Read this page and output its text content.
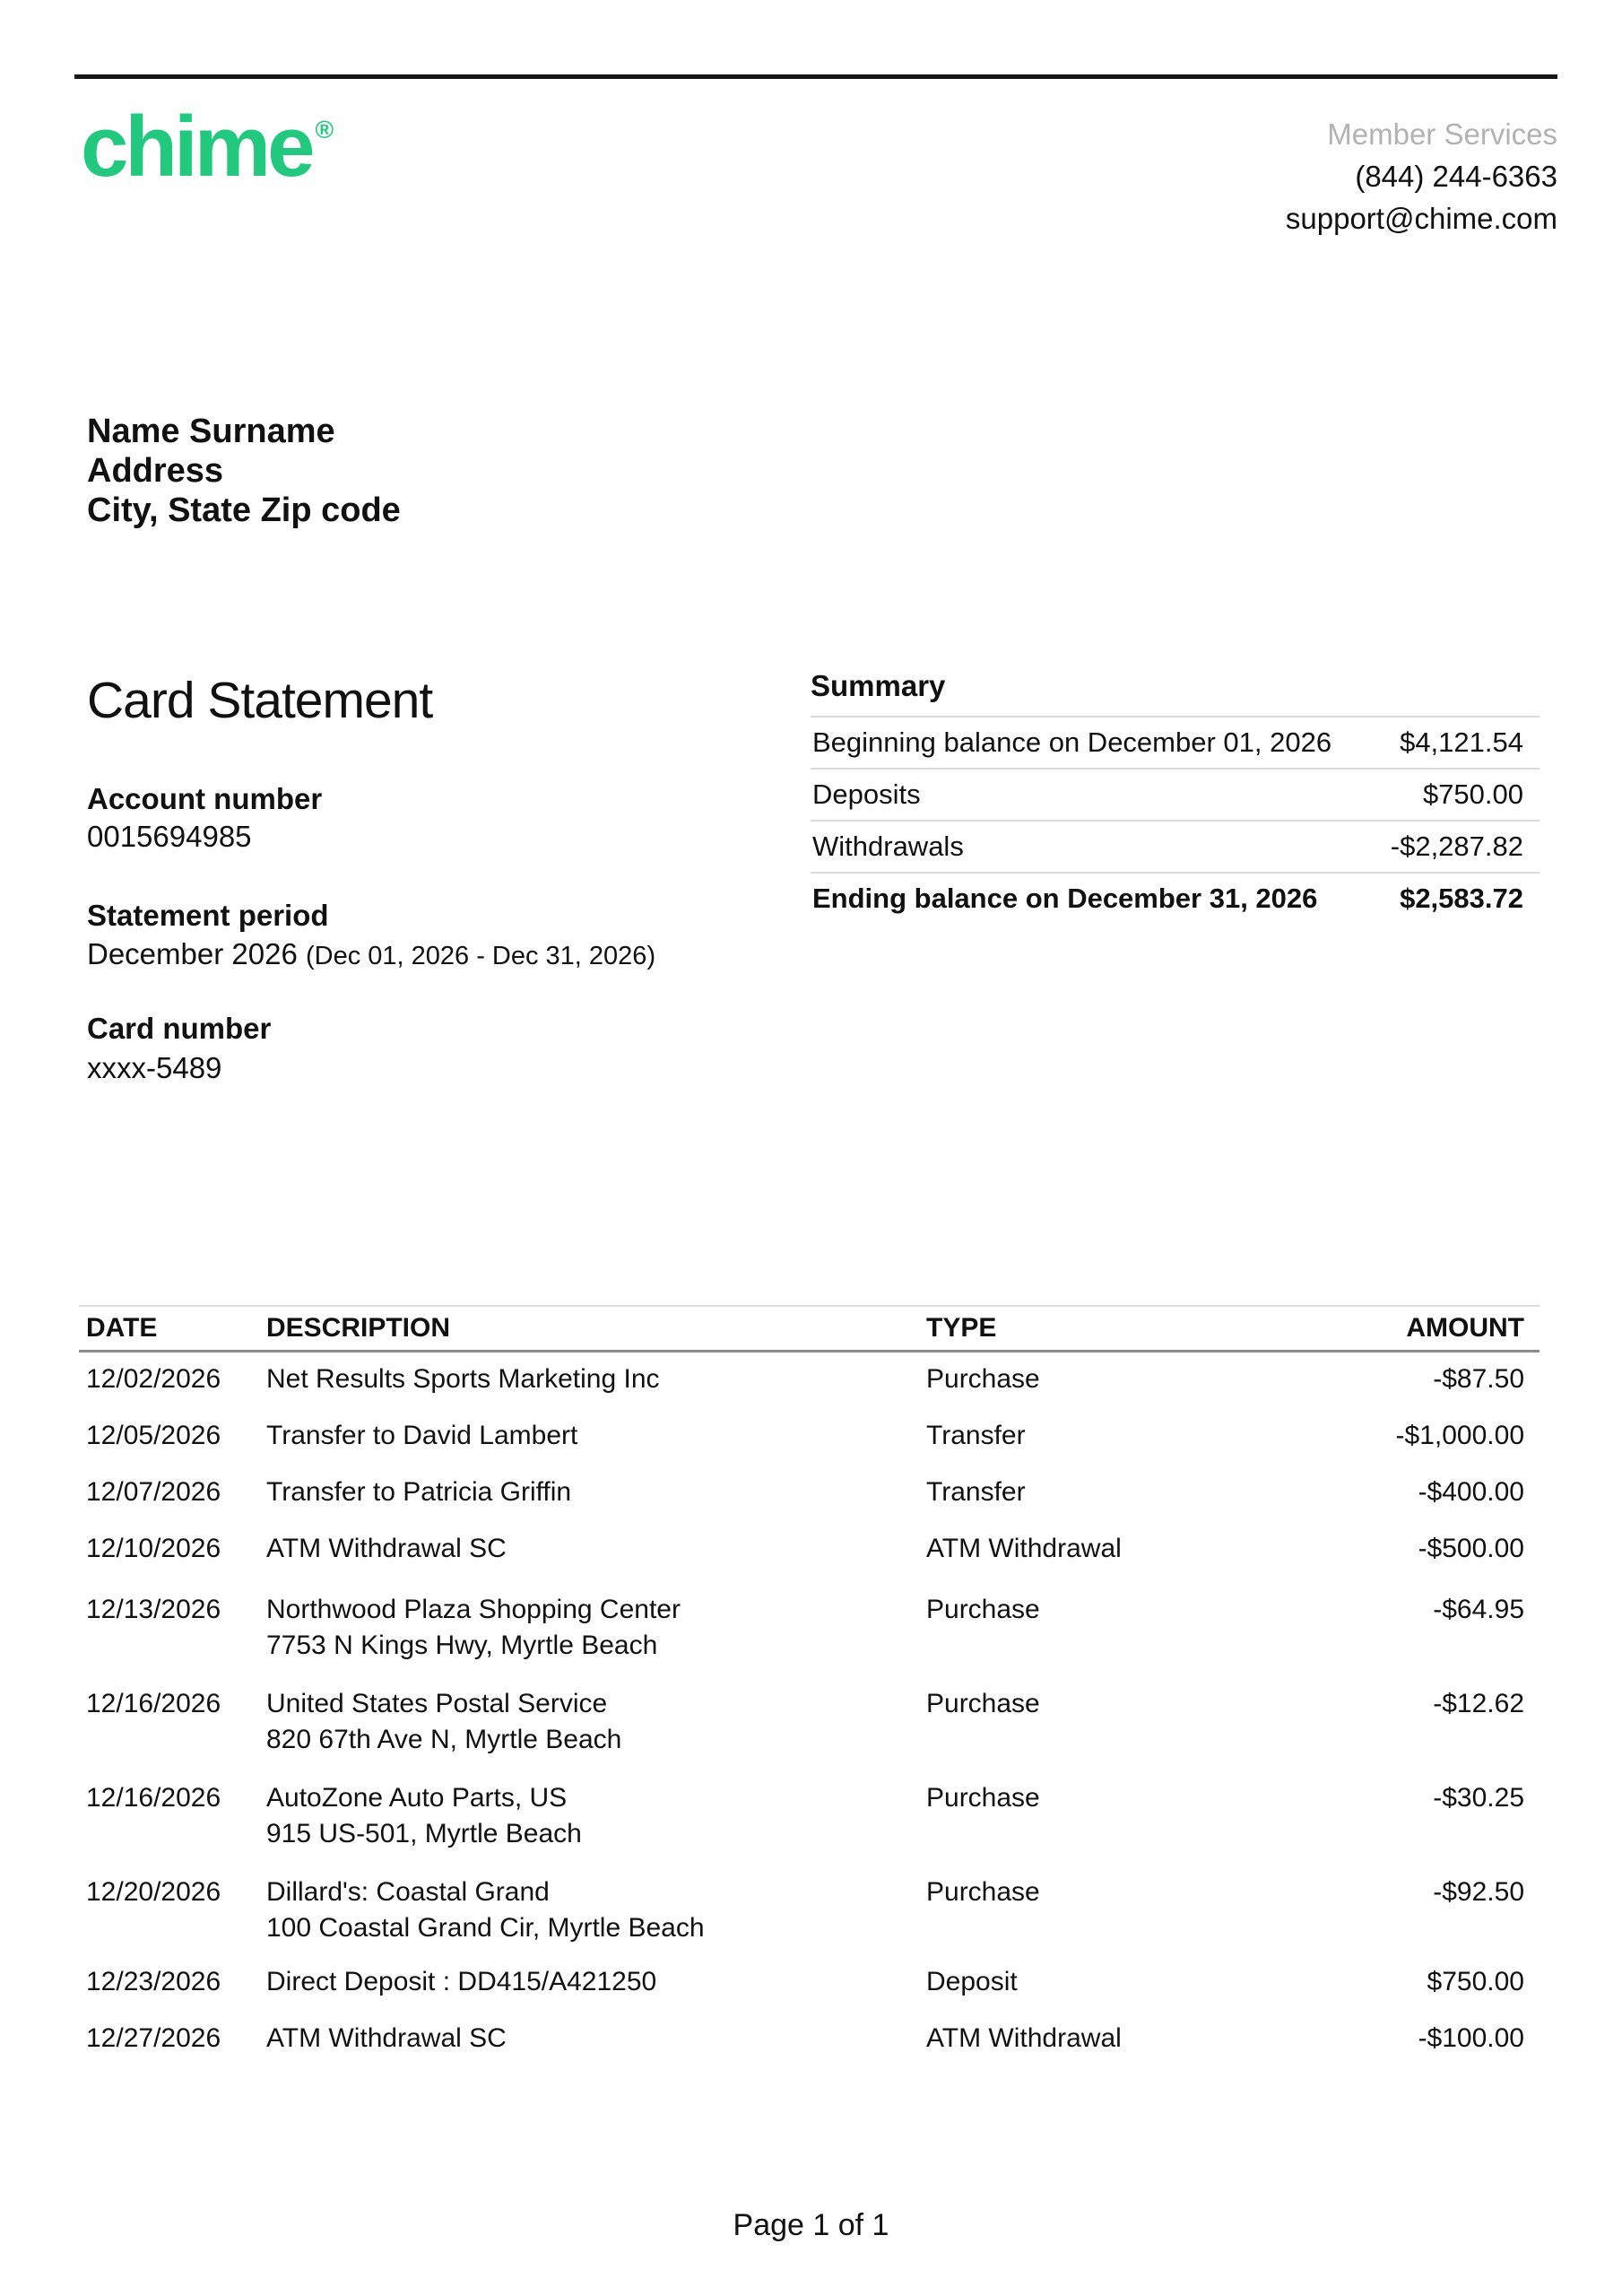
chime ®	Member Services
(844) 244-6363
support@chime.com
Name Surname
Address
City, State Zip code
Card Statement
Account number
0015694985
Statement period
December 2026 (Dec 01, 2026 - Dec 31, 2026)
Card number
xxxx-5489
Summary
Beginning balance on December 01, 2026 $4,121.54
Deposits	$750.00
Withdrawals	-$2,287.82
Ending balance on December 31, 2026	$2,583.72
DATE	DESCRIPTION	TYPE	AMOUNT
12/02/2026	Net Results Sports Marketing Inc	Purchase	-$87.50
12/05/2026	Transfer to David Lambert	Transfer	-$1,000.00
12/07/2026	Transfer to Patricia Griffin	Transfer	-$400.00
12/10/2026	ATM Withdrawal SC	ATM Withdrawal	-$500.00
12/13/2026	Northwood Plaza Shopping Center
7753 N Kings Hwy, Myrtle Beach
Purchase	-$64.95
12/16/2026	United States Postal Service
820 67th Ave N, Myrtle Beach
Purchase	-$12.62
12/16/2026	AutoZone Auto Parts, US
915 US-501, Myrtle Beach
Purchase	-$30.25
12/20/2026	Dillard's: Coastal Grand
100 Coastal Grand Cir, Myrtle Beach
Purchase	-$92.50
12/23/2026	Direct Deposit : DD415/A421250	Deposit	$750.00
12/27/2026	ATM Withdrawal SC	ATM Withdrawal	-$100.00
Page 1 of 1
